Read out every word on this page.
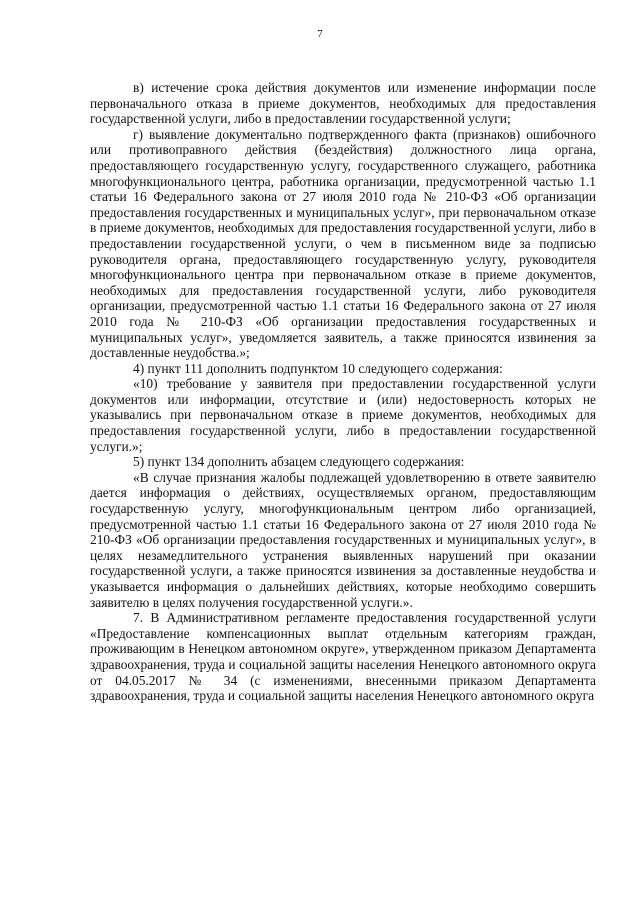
7

в) истечение срока действия документов или изменение информации после первоначального отказа в приеме документов, необходимых для предоставления государственной услуги, либо в предоставлении государственной услуги;

г) выявление документально подтвержденного факта (признаков) ошибочного или противоправного действия (бездействия) должностного лица органа, предоставляющего государственную услугу, государственного служащего, работника многофункционального центра, работника организации, предусмотренной частью 1.1 статьи 16 Федерального закона от 27 июля 2010 года № 210-ФЗ «Об организации предоставления государственных и муниципальных услуг», при первоначальном отказе в приеме документов, необходимых для предоставления государственной услуги, либо в предоставлении государственной услуги, о чем в письменном виде за подписью руководителя органа, предоставляющего государственную услугу, руководителя многофункционального центра при первоначальном отказе в приеме документов, необходимых для предоставления государственной услуги, либо руководителя организации, предусмотренной частью 1.1 статьи 16 Федерального закона от 27 июля 2010 года № 210-ФЗ «Об организации предоставления государственных и муниципальных услуг», уведомляется заявитель, а также приносятся извинения за доставленные неудобства.»;

4) пункт 111 дополнить подпунктом 10 следующего содержания:

«10) требование у заявителя при предоставлении государственной услуги документов или информации, отсутствие и (или) недостоверность которых не указывались при первоначальном отказе в приеме документов, необходимых для предоставления государственной услуги, либо в предоставлении государственной услуги.»;

5) пункт 134 дополнить абзацем следующего содержания:

«В случае признания жалобы подлежащей удовлетворению в ответе заявителю дается информация о действиях, осуществляемых органом, предоставляющим государственную услугу, многофункциональным центром либо организацией, предусмотренной частью 1.1 статьи 16 Федерального закона от 27 июля 2010 года № 210-ФЗ «Об организации предоставления государственных и муниципальных услуг», в целях незамедлительного устранения выявленных нарушений при оказании государственной услуги, а также приносятся извинения за доставленные неудобства и указывается информация о дальнейших действиях, которые необходимо совершить заявителю в целях получения государственной услуги.».

7. В Административном регламенте предоставления государственной услуги «Предоставление компенсационных выплат отдельным категориям граждан, проживающим в Ненецком автономном округе», утвержденном приказом Департамента здравоохранения, труда и социальной защиты населения Ненецкого автономного округа от 04.05.2017 № 34 (с изменениями, внесенными приказом Департамента здравоохранения, труда и социальной защиты населения Ненецкого автономного округа
